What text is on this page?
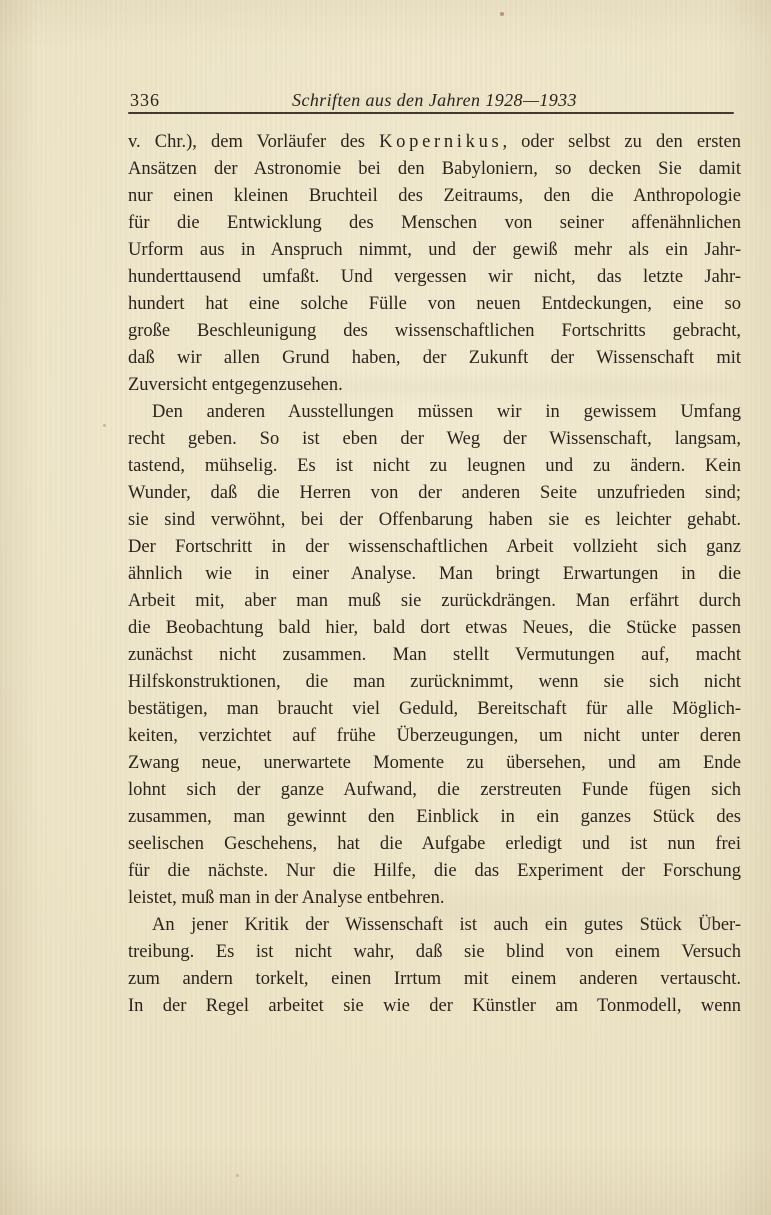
336	Schriften aus den Jahren 1928—1933
v. Chr.), dem Vorläufer des Kopernikus, oder selbst zu den ersten
Ansätzen der Astronomie bei den Babyloniern, so decken Sie damit
nur einen kleinen Bruchteil des Zeitraums, den die Anthropologie
für die Entwicklung des Menschen von seiner affenähnlichen
Urform aus in Anspruch nimmt, und der gewiß mehr als ein Jahr-
hunderttausend umfaßt. Und vergessen wir nicht, das letzte Jahr-
hundert hat eine solche Fülle von neuen Entdeckungen, eine so
große Beschleunigung des wissenschaftlichen Fortschritts gebracht,
daß wir allen Grund haben, der Zukunft der Wissenschaft mit
Zuversicht entgegenzusehen.
Den anderen Ausstellungen müssen wir in gewissem Umfang
recht geben. So ist eben der Weg der Wissenschaft, langsam,
tastend, mühselig. Es ist nicht zu leugnen und zu ändern. Kein
Wunder, daß die Herren von der anderen Seite unzufrieden sind;
sie sind verwöhnt, bei der Offenbarung haben sie es leichter gehabt.
Der Fortschritt in der wissenschaftlichen Arbeit vollzieht sich ganz
ähnlich wie in einer Analyse. Man bringt Erwartungen in die
Arbeit mit, aber man muß sie zurückdrängen. Man erfährt durch
die Beobachtung bald hier, bald dort etwas Neues, die Stücke passen
zunächst nicht zusammen. Man stellt Vermutungen auf, macht
Hilfskonstruktionen, die man zurücknimmt, wenn sie sich nicht
bestätigen, man braucht viel Geduld, Bereitschaft für alle Möglich-
keiten, verzichtet auf frühe Überzeugungen, um nicht unter deren
Zwang neue, unerwartete Momente zu übersehen, und am Ende
lohnt sich der ganze Aufwand, die zerstreuten Funde fügen sich
zusammen, man gewinnt den Einblick in ein ganzes Stück des
seelischen Geschehens, hat die Aufgabe erledigt und ist nun frei
für die nächste. Nur die Hilfe, die das Experiment der Forschung
leistet, muß man in der Analyse entbehren.
An jener Kritik der Wissenschaft ist auch ein gutes Stück Über-
treibung. Es ist nicht wahr, daß sie blind von einem Versuch
zum andern torkelt, einen Irrtum mit einem anderen vertauscht.
In der Regel arbeitet sie wie der Künstler am Tonmodell, wenn
